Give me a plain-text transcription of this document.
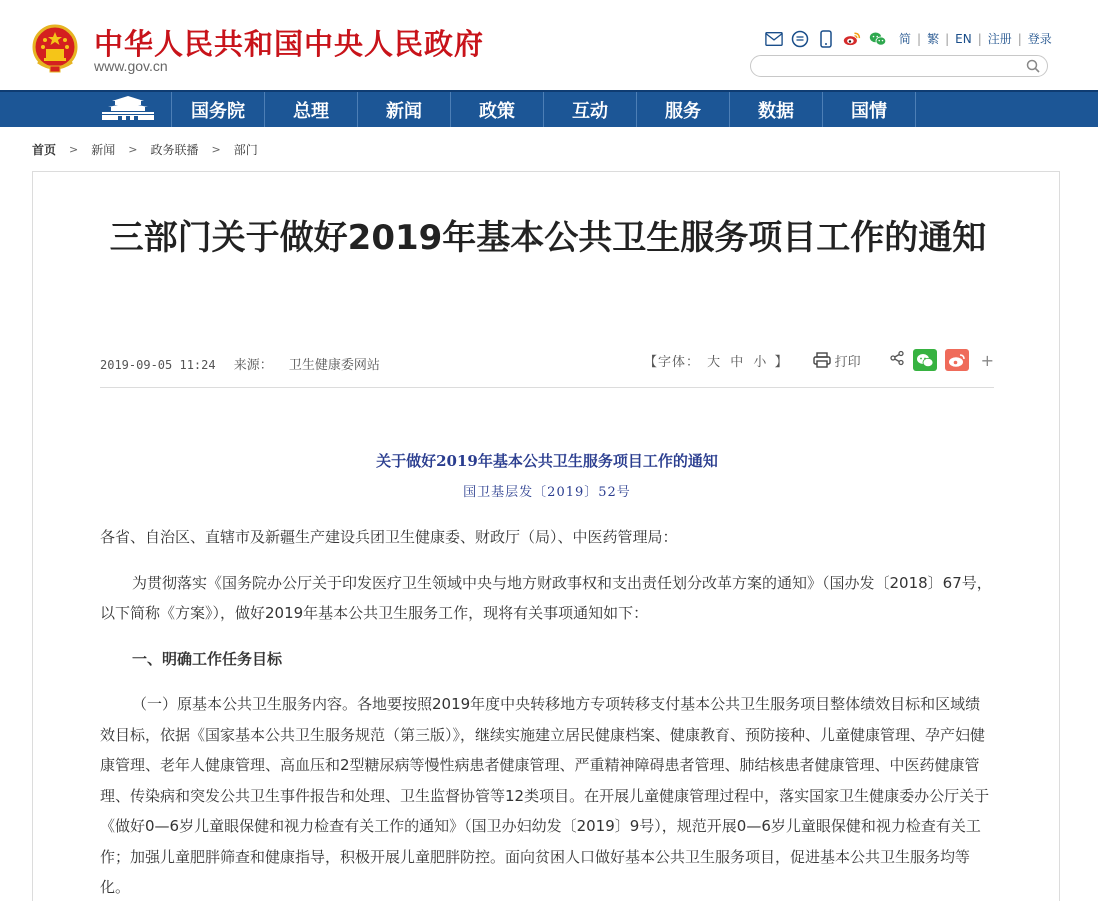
中华人民共和国中央人民政府
www.gov.cn
简 | 繁 | EN | 注册 | 登录
国务院	总理	新闻	政策	互动	服务	数据	国情
首页 > 新闻 > 政务联播 > 部门
三部门关于做好2019年基本公共卫生服务项目工作的通知
2019-09-05 11:24 来源： 卫生健康委网站	【字体： 大 中 小 】	打印	+
关于做好2019年基本公共卫生服务项目工作的通知
国卫基层发〔2019〕52号

各省、自治区、直辖市及新疆生产建设兵团卫生健康委、财政厅（局）、中医药管理局：

为贯彻落实《国务院办公厅关于印发医疗卫生领域中央与地方财政事权和支出责任划分改革方案的通知》（国办发〔2018〕67号，以下简称《方案》），做好2019年基本公共卫生服务工作，现将有关事项通知如下：

一、明确工作任务目标

（一）原基本公共卫生服务内容。各地要按照2019年度中央转移地方专项转移支付基本公共卫生服务项目整体绩效目标和区域绩效目标，依据《国家基本公共卫生服务规范（第三版）》，继续实施建立居民健康档案、健康教育、预防接种、儿童健康管理、孕产妇健康管理、老年人健康管理、高血压和2型糖尿病等慢性病患者健康管理、严重精神障碍患者管理、肺结核患者健康管理、中医药健康管理、传染病和突发公共卫生事件报告和处理、卫生监督协管等12类项目。在开展儿童健康管理过程中，落实国家卫生健康委办公厅关于《做好0—6岁儿童眼保健和视力检查有关工作的通知》（国卫办妇幼发〔2019〕9号），规范开展0—6岁儿童眼保健和视力检查有关工作；加强儿童肥胖筛查和健康指导，积极开展儿童肥胖防控。面向贫困人口做好基本公共卫生服务项目，促进基本公共卫生服务均等化。
